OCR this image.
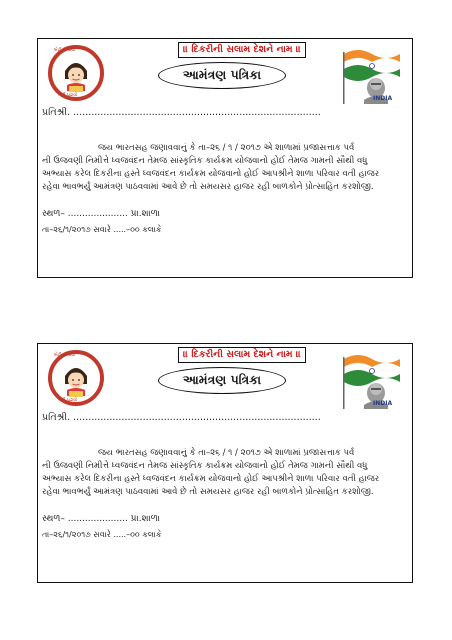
બેટી બચાવો
બેટી પઢાવો
॥ દિકરીની સલામ દેશને નામ ॥
આમંત્રણ પત્રિકા
INDIA
પ્રતિશ્રી. ..................................................................................
જય ભારતસહ જણાવવાનું કે તા–૨૬ / ૧ / ૨૦૧૭ એ શાળામાં પ્રજાસત્તાક પર્વ
ની ઉજવણી નિમીત્તે ધ્વજવંદન તેમજ સાંસ્કૃતિક કાર્યક્રમ યોજવાનો હોઈ તેમજ ગામની સૌથી વધુ
અભ્યાસ કરેલ દિકરીના હસ્તે ધ્વજવંદન કાર્યક્રમ યોજવાનો હોઈ આપશ્રીને શાળા પરિવાર વતી હાજર
રહેવા ભાવભર્યું આમંત્રણ પાઠવવામાં આવે છે તો સમયસર હાજર રહી બાળકોને પ્રોત્સાહિત કરશોજી.
સ્થળ– ..................... પ્રા.શાળા
તા–૨૬/૧/૨૦૧૭ સવારે .....–૦૦ કલાકે
બેટી બચાવો
બેટી પઢાવો
॥ દિકરીની સલામ દેશને નામ ॥
આમંત્રણ પત્રિકા
INDIA
પ્રતિશ્રી. ..................................................................................
જય ભારતસહ જણાવવાનું કે તા–૨૬ / ૧ / ૨૦૧૭ એ શાળામાં પ્રજાસત્તાક પર્વ
ની ઉજવણી નિમીત્તે ધ્વજવંદન તેમજ સાંસ્કૃતિક કાર્યક્રમ યોજવાનો હોઈ તેમજ ગામની સૌથી વધુ
અભ્યાસ કરેલ દિકરીના હસ્તે ધ્વજવંદન કાર્યક્રમ યોજવાનો હોઈ આપશ્રીને શાળા પરિવાર વતી હાજર
રહેવા ભાવભર્યું આમંત્રણ પાઠવવામાં આવે છે તો સમયસર હાજર રહી બાળકોને પ્રોત્સાહિત કરશોજી.
સ્થળ– ..................... પ્રા.શાળા
તા–૨૬/૧/૨૦૧૭ સવારે .....–૦૦ કલાકે
